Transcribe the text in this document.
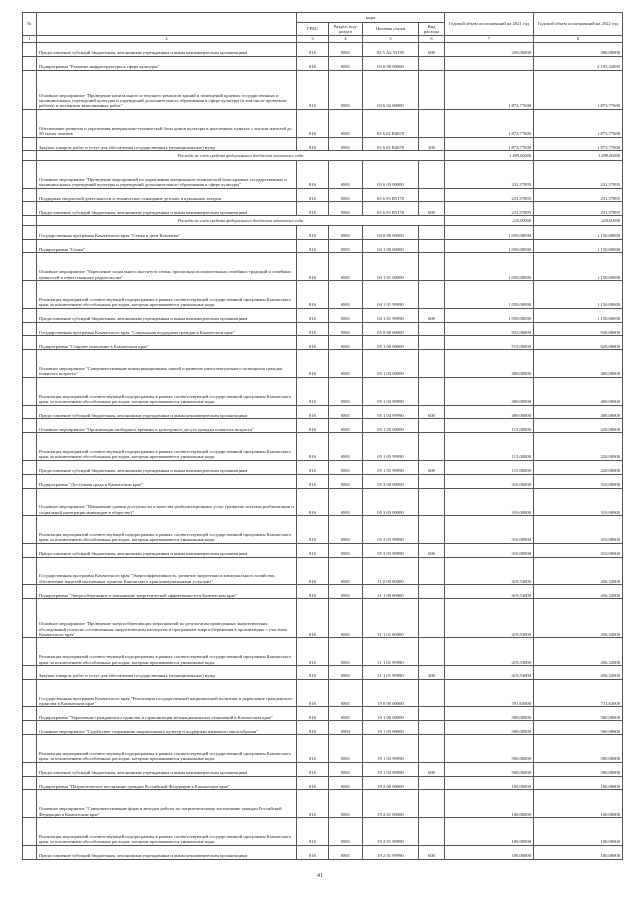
№		коды				Годовой объем ассигнований на 2021 год	Годовой объем ассигнований на 2022 год
		ГРБС	Раздел, под-раздел	Целевая статья	Вид расхода		
1	2	3	4	5	6	7	8
	Предоставление субсидий бюджетным, автономным учреждениям и иным некоммерческим организациям	816	0801	03 5 А2 55195	600	250,00000	300,00000
	Подпрограмма "Развитие инфраструктуры в сфере культуры"	816	0801	03 6 00 00000			2 105,32895
	Основное мероприятие "Проведение капитального и текущего ремонтов зданий и помещений краевых государственных и муниципальных учреждений культуры и учреждений дополнительного образования в сфере культуры (в том числе проектные работы) и экспертиза выполненных работ"	816	0801	03 6 02 00000		1 873,77600	1 873,77600
	Обеспечение развития и укрепления материально-технической базы домов культуры в населенных пунктах с числом жителей до 50 тысяч человек	816	0801	03 6 02 R4670		1 873,77600	1 873,77600
	Закупка товаров, работ и услуг для обеспечения государственных (муниципальных) нужд	816	0801	03 6 02 R4670	200	1 873,77600	1 873,77600
	Расходы за счет средств федерального бюджета отчетного года					1 499,00000	1 499,00000
	Основное мероприятие "Проведение мероприятий по укреплению материально-технической базы краевых государственных и муниципальных учреждений культуры и учреждений дополнительного образования в сфере культуры"	816	0801	03 6 03 00000		231,57895	231,57895
	Поддержка творческой деятельности и техническое оснащение детских и кукольных театров	816	0801	03 6 03 R5170		231,57895	231,57895
	Предоставление субсидий бюджетным, автономным учреждениям и иным некоммерческим организациям	816	0801	03 6 03 R5170	600	231,57895	231,57895
	Расходы за счет средств федерального бюджета отчетного года					220,00000	220,00000
	Государственная программа Камчатского края "Семья и дети Камчатки"	816	0801	04 0 00 00000		1 050,00000	1 150,00000
	Подпрограмма "Семья"	816	0801	04 1 00 00000		1 050,00000	1 150,00000
	Основное мероприятие "Укрепление социального института семьи, пропаганда положительных семейных традиций и семейных ценностей и ответственного родительства"	816	0801	04 1 01 00000		1 050,00000	1 150,00000
	Реализация мероприятий соответствующей подпрограммы в рамках соответствующей государственной программы Камчатского края, за исключением обособленных расходов, которым присваиваются уникальные коды	816	0801	04 1 01 99990		1 050,00000	1 150,00000
	Предоставление субсидий бюджетным, автономным учреждениям и иным некоммерческим организациям	816	0801	04 1 01 99990	600	1 050,00000	1 150,00000
	Государственная программа Камчатского края "Социальная поддержка граждан в Камчатском крае"	816	0801	05 0 00 00000		825,00000	930,00000
	Подпрограмма "Старшее поколение в Камчатском крае"	816	0801	05 1 00 00000		515,00000	620,00000
	Основное мероприятие "Совершенствование коммуникационных связей и развитие интеллектуального потенциала граждан пожилого возраста"	816	0801	05 1 04 00000		400,00000	400,00000
	Реализация мероприятий соответствующей подпрограммы в рамках соответствующей государственной программы Камчатского края, за исключением обособленных расходов, которым присваиваются уникальные коды	816	0801	05 1 04 99990		400,00000	400,00000
	Предоставление субсидий бюджетным, автономным учреждениям и иным некоммерческим организациям	816	0801	05 1 04 99990	600	400,00000	400,00000
	Основное мероприятие "Организация свободного времени и культурного досуга граждан пожилого возраста"	816	0801	05 1 05 00000		115,00000	220,00000
	Реализация мероприятий соответствующей подпрограммы в рамках соответствующей государственной программы Камчатского края, за исключением обособленных расходов, которым присваиваются уникальные коды	816	0801	05 1 05 99990		115,00000	220,00000
	Предоставление субсидий бюджетным, автономным учреждениям и иным некоммерческим организациям	816	0801	05 1 05 99990	600	115,00000	220,00000
	Подпрограмма "Доступная среда в Камчатском крае"	816	0801	05 3 00 00000		310,00000	310,00000
	Основное мероприятие "Повышение уровня доступности и качества реабилитационных услуг (развитие системы реабилитации и социальной интеграции инвалидов в обществе)"	816	0801	05 3 03 00000		310,00000	310,00000
	Реализация мероприятий соответствующей подпрограммы в рамках соответствующей государственной программы Камчатского края, за исключением обособленных расходов, которым присваиваются уникальные коды	816	0801	05 3 03 99990		310,00000	310,00000
	Предоставление субсидий бюджетным, автономным учреждениям и иным некоммерческим организациям	816	0801	05 3 03 99990	600	310,00000	310,00000
	Государственная программа Камчатского края "Энергоэффективность, развитие энергетики и коммунального хозяйства, обеспечение жителей населенных пунктов Камчатского края коммунальными услугами"	816	0801	11 0 00 00000		419,53000	436,32000
	Подпрограмма "Энергосбережение и повышение энергетической эффективности в Камчатском крае"	816	0801	11 1 00 00000		419,53000	436,32000
	Основное мероприятие "Проведение энергосберегающих мероприятий по результатам проведенных энергетических обследований согласно составленным энергетическим паспортам и программам энергосбережения в организациях с участием Камчатского края"	816	0801	11 1 01 00000		419,53000	436,32000
	Реализация мероприятий соответствующей подпрограммы в рамках соответствующей государственной программы Камчатского края, за исключением обособленных расходов, которым присваиваются уникальные коды	816	0801	11 1 01 99990		419,53000	436,32000
	Закупка товаров, работ и услуг для обеспечения государственных (муниципальных) нужд	816	0801	11 1 01 99990	200	419,53000	436,32000
	Государственная программа Камчатского края "Реализация государственной национальной политики и укрепление гражданского единства в Камчатском крае"	816	0801	19 0 00 00000		701,65000	711,63000
	Подпрограмма "Укрепление гражданского единства и гармонизация межнациональных отношений в Камчатском крае"	816	0801	19 1 00 00000		500,00000	500,00000
	Основное мероприятие "Содействие сохранению национальных культур и поддержка языкового многообразия"	816	0804	19 1 03 00000		500,00000	500,00000
	Реализация мероприятий соответствующей подпрограммы в рамках соответствующей государственной программы Камчатского края, за исключением обособленных расходов, которым присваиваются уникальные коды	816	0801	19 1 03 99990		500,00000	500,00000
	Предоставление субсидий бюджетным, автономным учреждениям и иным некоммерческим организациям	816	0801	19 1 03 99990	600	500,00000	500,00000
	Подпрограмма "Патриотическое воспитание граждан Российской Федерации в Камчатском крае"	816	0801	19 2 00 00000		100,00000	100,00000
	Основное мероприятие "Совершенствование форм и методов работы по патриотическому воспитанию граждан Российской Федерации в Камчатском крае"	816	0801	19 2 01 00000		100,00000	100,00000
	Реализация мероприятий соответствующей подпрограммы в рамках соответствующей государственной программы Камчатского края, за исключением обособленных расходов, которым присваиваются уникальные коды	816	0801	19 2 01 99990		100,00000	100,00000
	Предоставление субсидий бюджетным, автономным учреждениям и иным некоммерческим организациям	816	0801	19 2 01 99990	600	100,00000	100,00000
41
